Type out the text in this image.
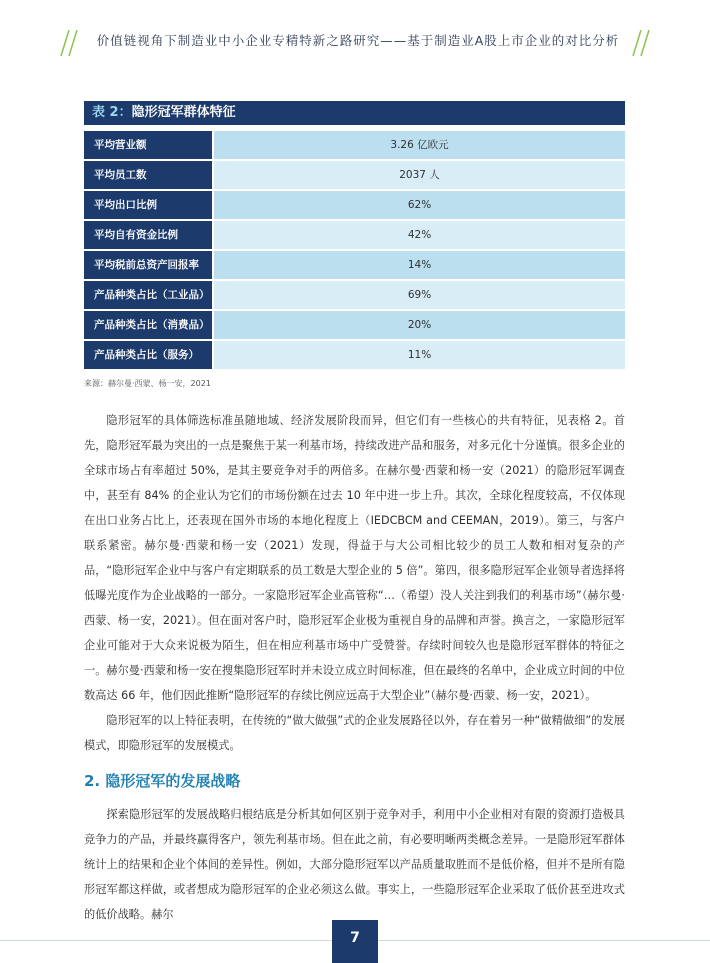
价值链视角下制造业中小企业专精特新之路研究——基于制造业A股上市企业的对比分析
表 2：隐形冠军群体特征
平均营业额	3.26 亿欧元
平均员工数	2037 人
平均出口比例	62%
平均自有资金比例	42%
平均税前总资产回报率	14%
产品种类占比（工业品）	69%
产品种类占比（消费品）	20%
产品种类占比（服务）	11%
来源：赫尔曼·西蒙、杨一安，2021

隐形冠军的具体筛选标准虽随地域、经济发展阶段而异，但它们有一些核心的共有特征，见表格 2。首先，隐形冠军最为突出的一点是聚焦于某一利基市场，持续改进产品和服务，对多元化十分谨慎。很多企业的全球市场占有率超过 50%，是其主要竞争对手的两倍多。在赫尔曼·西蒙和杨一安（2021）的隐形冠军调查中，甚至有 84% 的企业认为它们的市场份额在过去 10 年中进一步上升。其次，全球化程度较高，不仅体现在出口业务占比上，还表现在国外市场的本地化程度上（IEDCBCM and CEEMAN，2019）。第三，与客户联系紧密。赫尔曼·西蒙和杨一安（2021）发现，得益于与大公司相比较少的员工人数和相对复杂的产品，“隐形冠军企业中与客户有定期联系的员工数是大型企业的 5 倍”。第四，很多隐形冠军企业领导者选择将低曝光度作为企业战略的一部分。一家隐形冠军企业高管称“…（希望）没人关注到我们的利基市场”（赫尔曼·西蒙、杨一安，2021）。但在面对客户时，隐形冠军企业极为重视自身的品牌和声誉。换言之，一家隐形冠军企业可能对于大众来说极为陌生，但在相应利基市场中广受赞誉。存续时间较久也是隐形冠军群体的特征之一。赫尔曼·西蒙和杨一安在搜集隐形冠军时并未设立成立时间标准，但在最终的名单中，企业成立时间的中位数高达 66 年，他们因此推断“隐形冠军的存续比例应远高于大型企业”（赫尔曼·西蒙、杨一安，2021）。

隐形冠军的以上特征表明，在传统的“做大做强”式的企业发展路径以外，存在着另一种“做精做细”的发展模式，即隐形冠军的发展模式。

2. 隐形冠军的发展战略

探索隐形冠军的发展战略归根结底是分析其如何区别于竞争对手，利用中小企业相对有限的资源打造极具竞争力的产品，并最终赢得客户，领先利基市场。但在此之前，有必要明晰两类概念差异。一是隐形冠军群体统计上的结果和企业个体间的差异性。例如，大部分隐形冠军以产品质量取胜而不是低价格，但并不是所有隐形冠军都这样做，或者想成为隐形冠军的企业必须这么做。事实上，一些隐形冠军企业采取了低价甚至进攻式的低价战略。赫尔

7
